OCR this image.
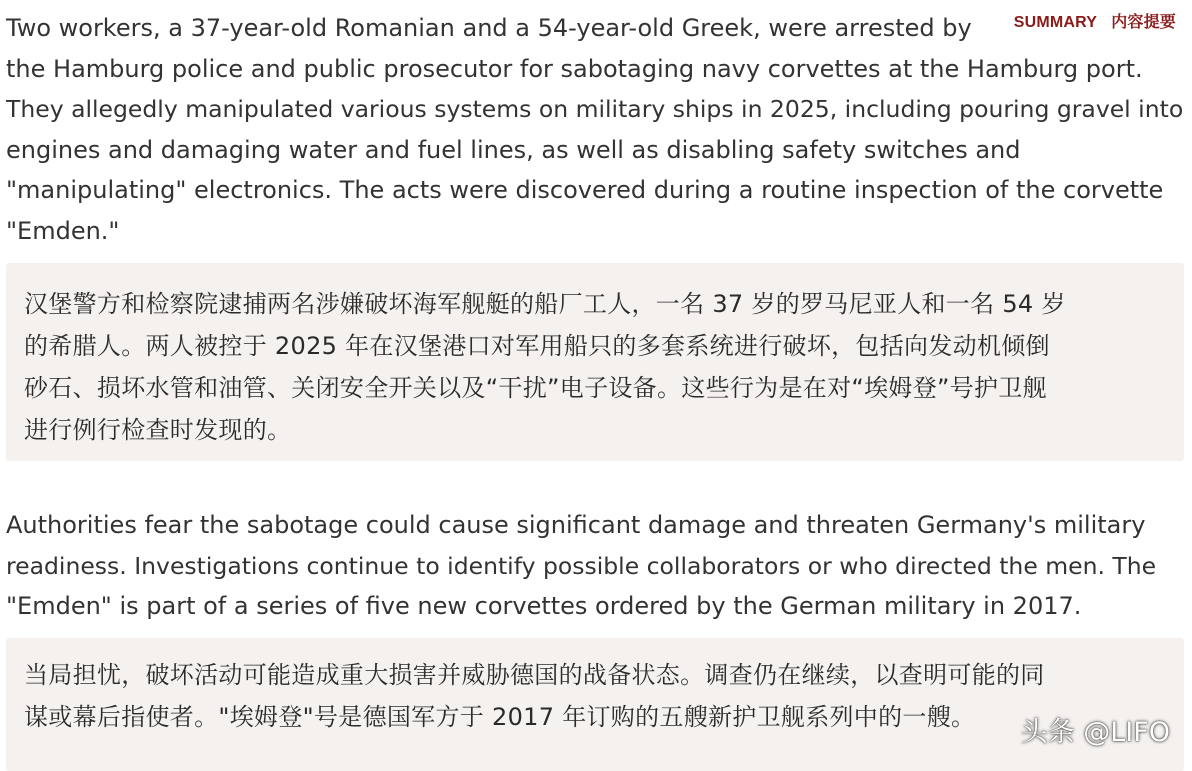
SUMMARY 内容提要
Two workers, a 37-year-old Romanian and a 54-year-old Greek, were arrested by
the Hamburg police and public prosecutor for sabotaging navy corvettes at the Hamburg port.
They allegedly manipulated various systems on military ships in 2025, including pouring gravel into
engines and damaging water and fuel lines, as well as disabling safety switches and
"manipulating" electronics. The acts were discovered during a routine inspection of the corvette
"Emden."
汉堡警方和检察院逮捕两名涉嫌破坏海军舰艇的船厂工人，一名 37 岁的罗马尼亚人和一名 54 岁
的希腊人。两人被控于 2025 年在汉堡港口对军用船只的多套系统进行破坏，包括向发动机倾倒
砂石、损坏水管和油管、关闭安全开关以及“干扰”电子设备。这些行为是在对“埃姆登”号护卫舰
进行例行检查时发现的。
Authorities fear the sabotage could cause significant damage and threaten Germany's military
readiness. Investigations continue to identify possible collaborators or who directed the men. The
"Emden" is part of a series of five new corvettes ordered by the German military in 2017.
当局担忧，破坏活动可能造成重大损害并威胁德国的战备状态。调查仍在继续，以查明可能的同
谋或幕后指使者。"埃姆登"号是德国军方于 2017 年订购的五艘新护卫舰系列中的一艘。	头条 @LIFO
